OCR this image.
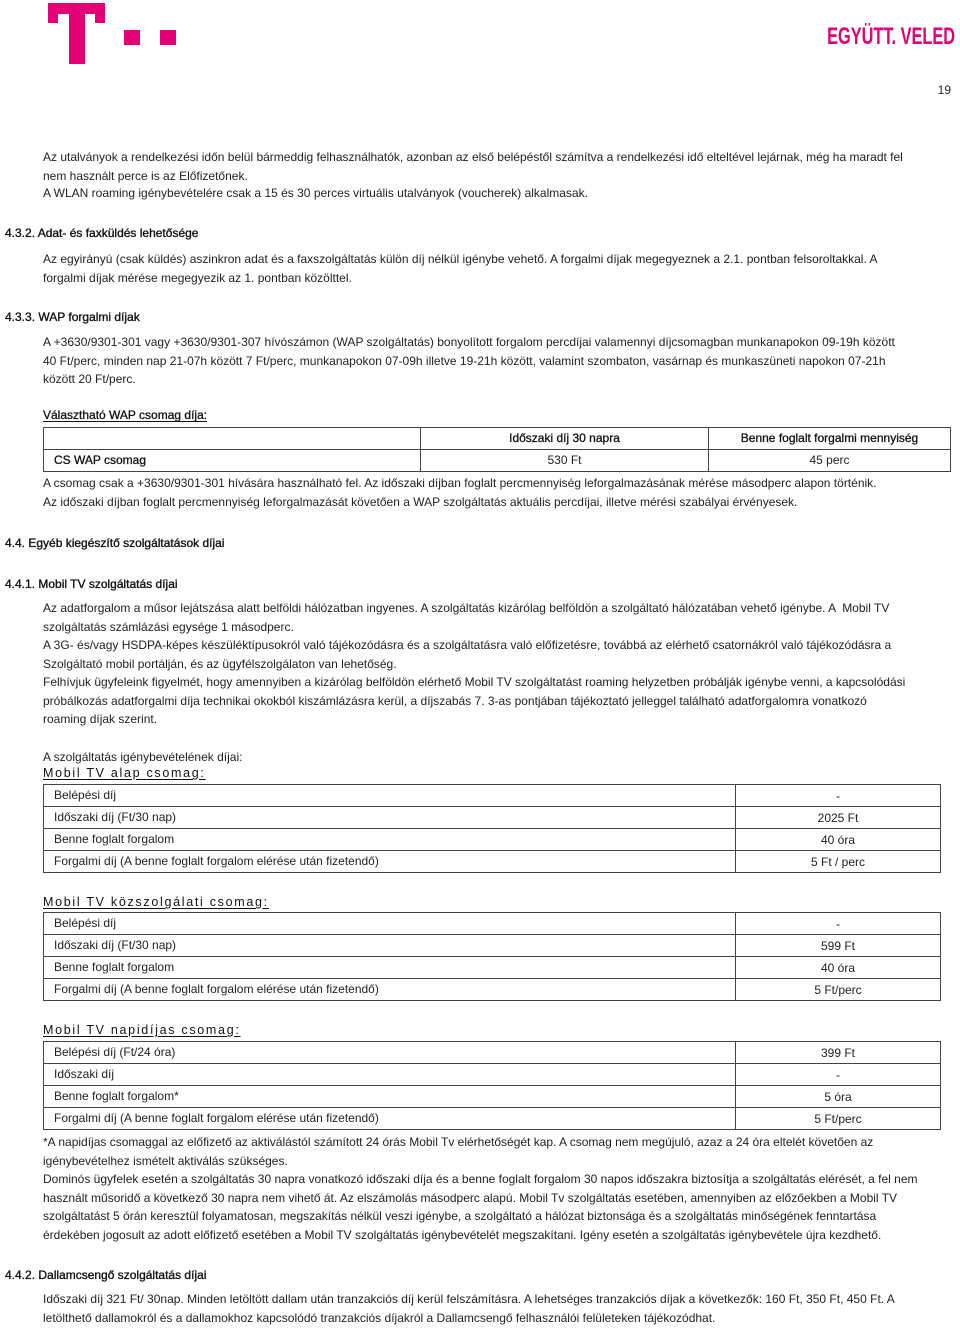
EGYÜTT. VELED
19
Az utalványok a rendelkezési időn belül bármeddig felhasználhatók, azonban az első belépéstől számítva a rendelkezési idő elteltével lejárnak, még ha maradt fel
nem használt perce is az Előfizetőnek.
A WLAN roaming igénybevételére csak a 15 és 30 perces virtuális utalványok (voucherek) alkalmasak.
4.3.2. Adat- és faxküldés lehetősége
Az egyirányú (csak küldés) aszinkron adat és a faxszolgáltatás külön díj nélkül igénybe vehető. A forgalmi díjak megegyeznek a 2.1. pontban felsoroltakkal. A
forgalmi díjak mérése megegyezik az 1. pontban közölttel.
4.3.3. WAP forgalmi díjak
A +3630/9301-301 vagy +3630/9301-307 hívószámon (WAP szolgáltatás) bonyolított forgalom percdíjai valamennyi díjcsomagban munkanapokon 09-19h között
40 Ft/perc, minden nap 21-07h között 7 Ft/perc, munkanapokon 07-09h illetve 19-21h között, valamint szombaton, vasárnap és munkaszüneti napokon 07-21h
között 20 Ft/perc.
Választható WAP csomag díja:
	Időszaki díj 30 napra	Benne foglalt forgalmi mennyiség
CS WAP csomag	530 Ft	45 perc
A csomag csak a +3630/9301-301 hívására használható fel. Az időszaki díjban foglalt percmennyiség leforgalmazásának mérése másodperc alapon történik.
Az időszaki díjban foglalt percmennyiség leforgalmazását követően a WAP szolgáltatás aktuális percdíjai, illetve mérési szabályai érvényesek.
4.4. Egyéb kiegészítő szolgáltatások díjai
4.4.1. Mobil TV szolgáltatás díjai
Az adatforgalom a műsor lejátszása alatt belföldi hálózatban ingyenes. A szolgáltatás kizárólag belföldön a szolgáltató hálózatában vehető igénybe. A  Mobil TV
szolgáltatás számlázási egysége 1 másodperc.
A 3G- és/vagy HSDPA-képes készüléktípusokról való tájékozódásra és a szolgáltatásra való előfizetésre, továbbá az elérhető csatornákról való tájékozódásra a
Szolgáltató mobil portálján, és az ügyfélszolgálaton van lehetőség.
Felhívjuk ügyfeleink figyelmét, hogy amennyiben a kizárólag belföldön elérhető Mobil TV szolgáltatást roaming helyzetben próbálják igénybe venni, a kapcsolódási
próbálkozás adatforgalmi díja technikai okokból kiszámlázásra kerül, a díjszabás 7. 3-as pontjában tájékoztató jelleggel található adatforgalomra vonatkozó
roaming díjak szerint.
A szolgáltatás igénybevételének díjai:
Mobil TV alap csomag:
Belépési díj	-
Időszaki díj (Ft/30 nap)	2025 Ft
Benne foglalt forgalom	40 óra
Forgalmi díj (A benne foglalt forgalom elérése után fizetendő)	5 Ft / perc
Mobil TV közszolgálati csomag:
Belépési díj	-
Időszaki díj (Ft/30 nap)	599 Ft
Benne foglalt forgalom	40 óra
Forgalmi díj (A benne foglalt forgalom elérése után fizetendő)	5 Ft/perc
Mobil TV napidíjas csomag:
Belépési díj (Ft/24 óra)	399 Ft
Időszaki díj	-
Benne foglalt forgalom*	5 óra
Forgalmi díj (A benne foglalt forgalom elérése után fizetendő)	5 Ft/perc
*A napidíjas csomaggal az előfizető az aktiválástól számított 24 órás Mobil Tv elérhetőségét kap. A csomag nem megújuló, azaz a 24 óra eltelét követően az
igénybevételhez ismételt aktiválás szükséges.
Dominós ügyfelek esetén a szolgáltatás 30 napra vonatkozó időszaki díja és a benne foglalt forgalom 30 napos időszakra biztosítja a szolgáltatás elérését, a fel nem
használt műsoridő a következő 30 napra nem vihető át. Az elszámolás másodperc alapú. Mobil Tv szolgáltatás esetében, amennyiben az előzőekben a Mobil TV
szolgáltatást 5 órán keresztül folyamatosan, megszakítás nélkül veszi igénybe, a szolgáltató a hálózat biztonsága és a szolgáltatás minőségének fenntartása
érdekében jogosult az adott előfizető esetében a Mobil TV szolgáltatás igénybevételét megszakítani. Igény esetén a szolgáltatás igénybevétele újra kezdhető.
4.4.2. Dallamcsengő szolgáltatás díjai
Időszaki díj 321 Ft/ 30nap. Minden letöltött dallam után tranzakciós díj kerül felszámításra. A lehetséges tranzakciós díjak a következők: 160 Ft, 350 Ft, 450 Ft. A
letölthető dallamokról és a dallamokhoz kapcsolódó tranzakciós díjakról a Dallamcsengő felhasználói felületeken tájékozódhat.
